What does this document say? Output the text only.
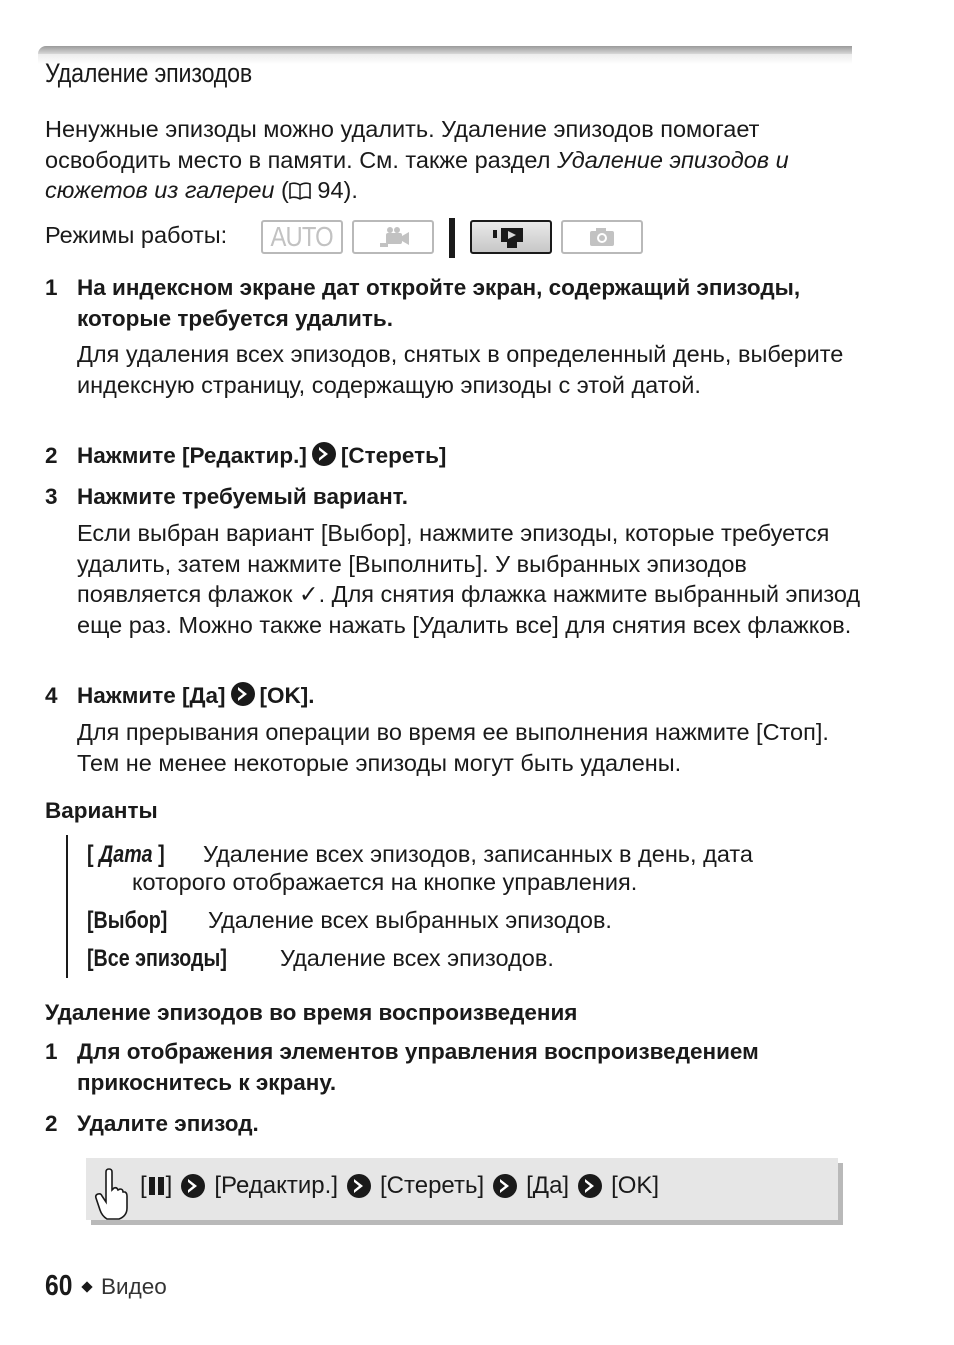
Удаление эпизодов
Ненужные эпизоды можно удалить. Удаление эпизодов помогает освободить место в памяти. См. также раздел Удаление эпизодов и сюжетов из галереи ( 94).
Режимы работы: AUTO
1 На индексном экране дат откройте экран, содержащий эпизоды, которые требуется удалить.
Для удаления всех эпизодов, снятых в определенный день, выберите индексную страницу, содержащую эпизоды с этой датой.
2 Нажмите [Редактир.] [Стереть]
3 Нажмите требуемый вариант.
Если выбран вариант [Выбор], нажмите эпизоды, которые требуется удалить, затем нажмите [Выполнить]. У выбранных эпизодов появляется флажок ✓. Для снятия флажка нажмите выбранный эпизод еще раз. Можно также нажать [Удалить все] для снятия всех флажков.
4 Нажмите [Да] [OK].
Для прерывания операции во время ее выполнения нажмите [Стоп]. Тем не менее некоторые эпизоды могут быть удалены.
Варианты
[ Дата ] Удаление всех эпизодов, записанных в день, дата
которого отображается на кнопке управления.
[Выбор] Удаление всех выбранных эпизодов.
[Все эпизоды] Удаление всех эпизодов.
Удаление эпизодов во время воспроизведения
1 Для отображения элементов управления воспроизведением прикоснитесь к экрану.
2 Удалите эпизод.
[ ] [Редактир.] [Стереть] [Да] [OK]
60 Видео
